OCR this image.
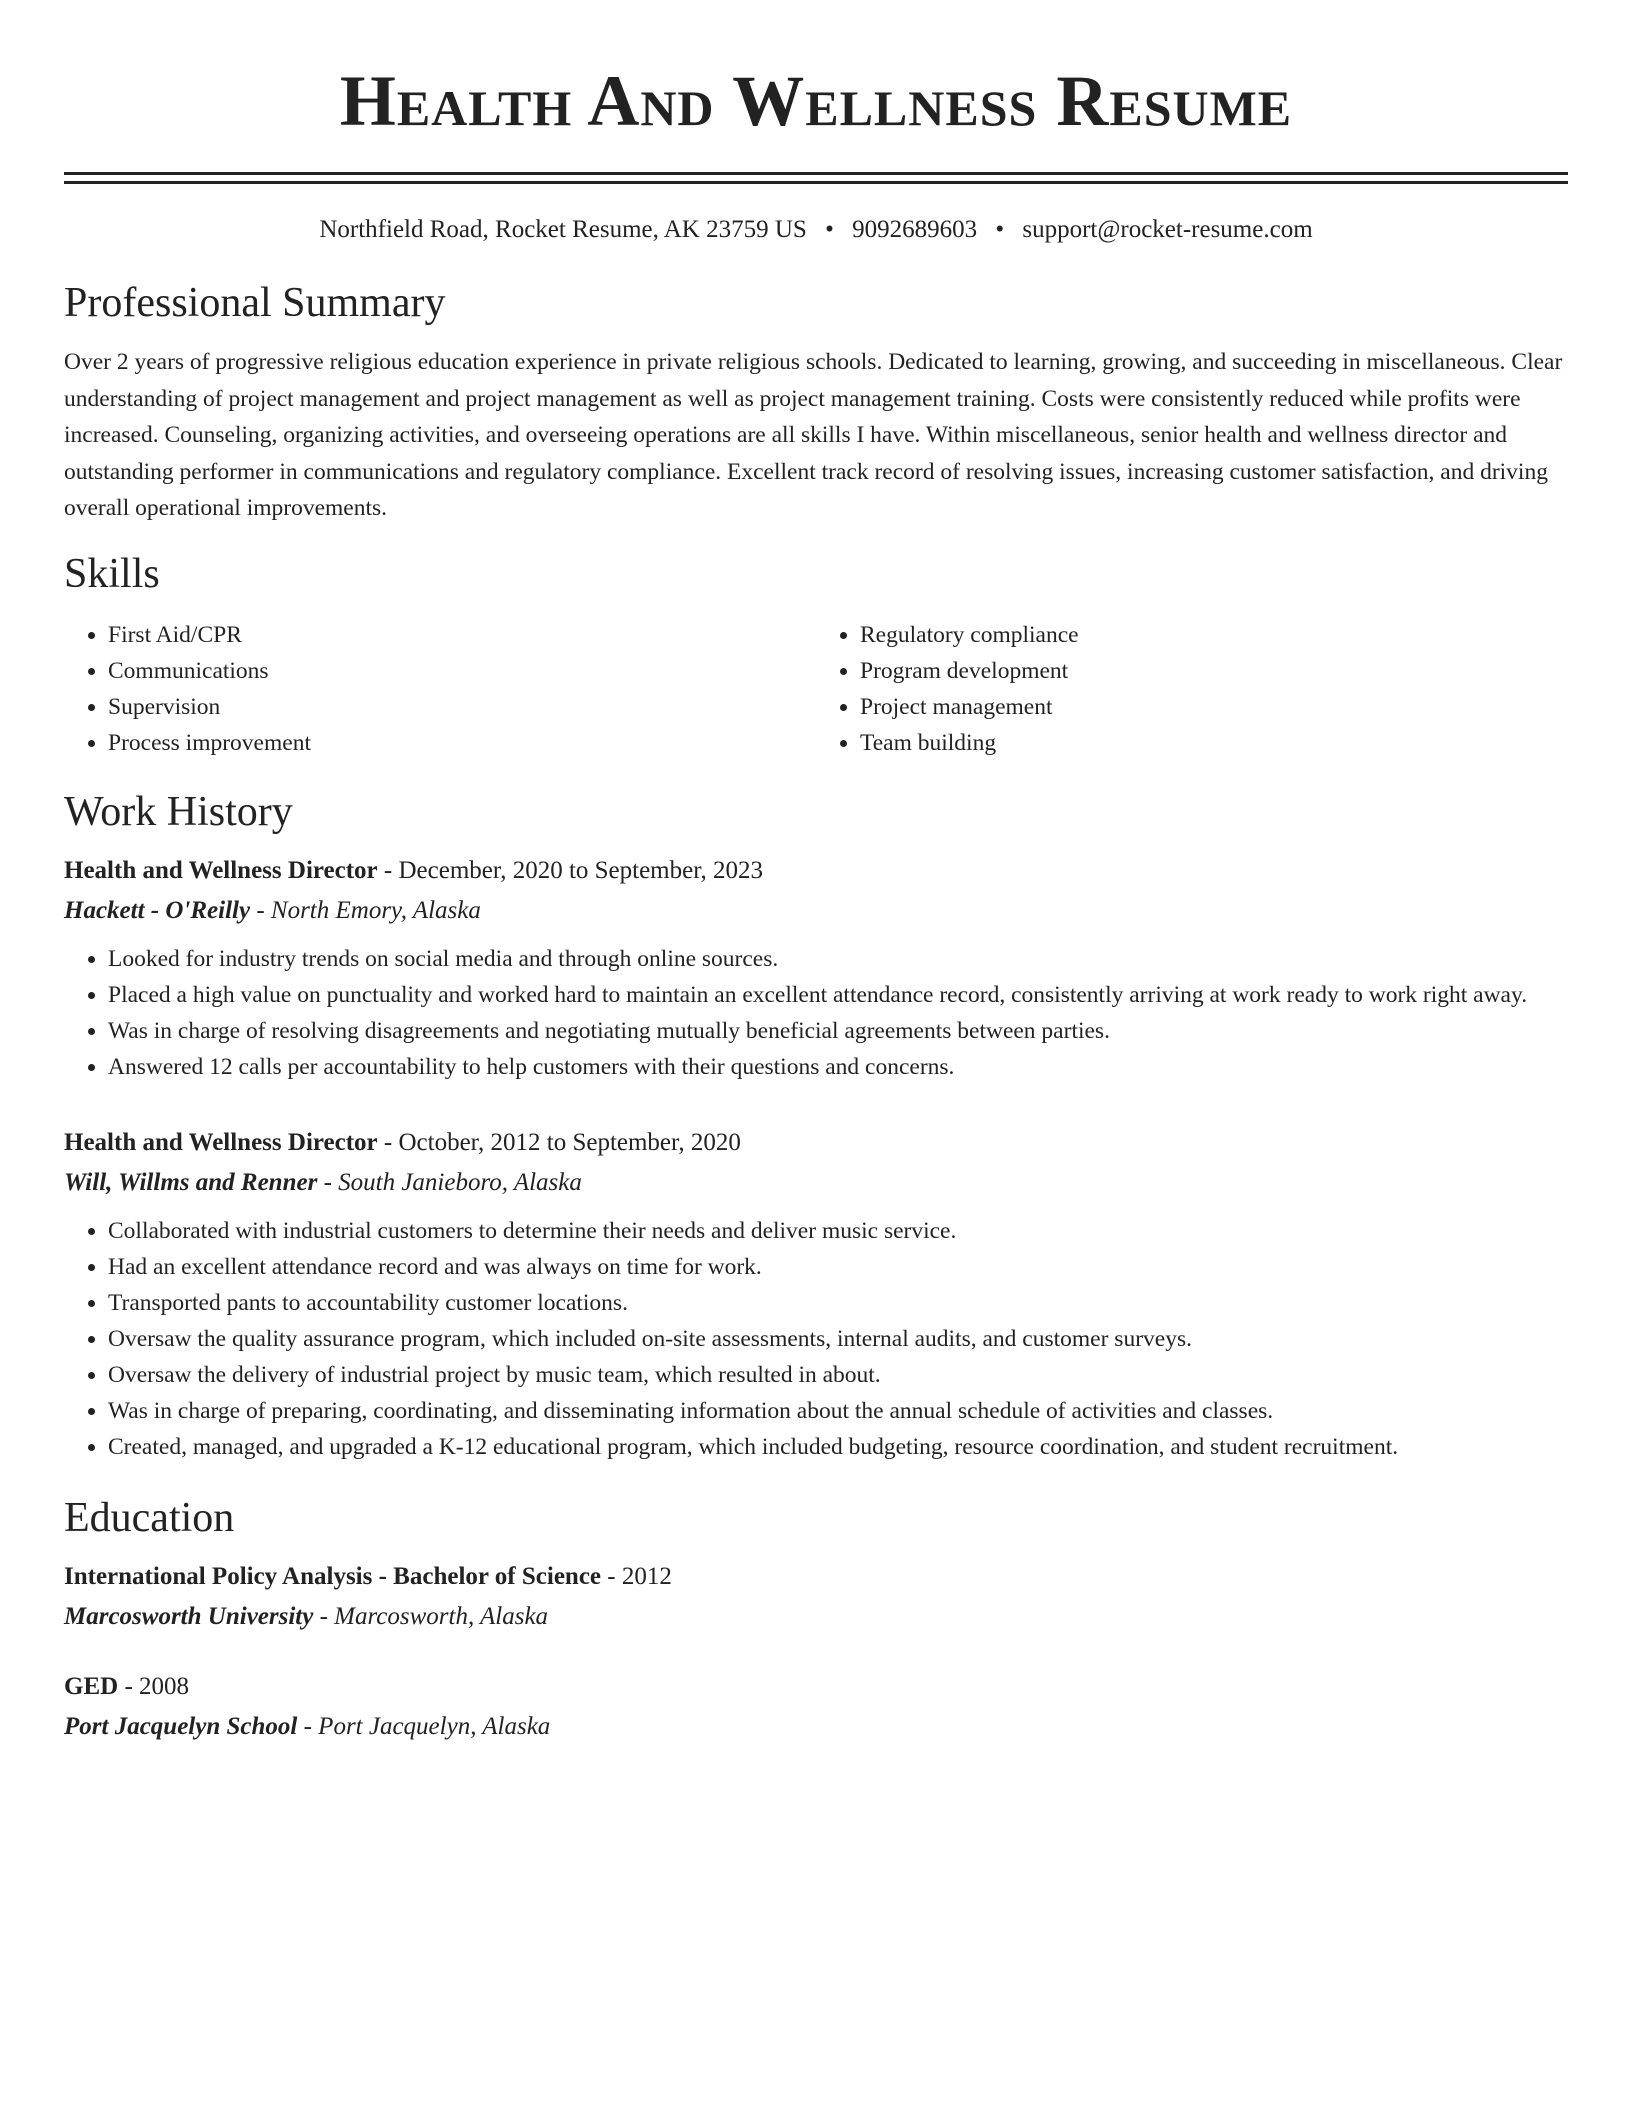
Health And Wellness Resume
Northfield Road, Rocket Resume, AK 23759 US • 9092689603 • support@rocket-resume.com
Professional Summary

Over 2 years of progressive religious education experience in private religious schools. Dedicated to learning, growing, and succeeding in miscellaneous. Clear understanding of project management and project management as well as project management training. Costs were consistently reduced while profits were increased. Counseling, organizing activities, and overseeing operations are all skills I have. Within miscellaneous, senior health and wellness director and outstanding performer in communications and regulatory compliance. Excellent track record of resolving issues, increasing customer satisfaction, and driving overall operational improvements.

Skills
• First Aid/CPR
• Communications
• Supervision
• Process improvement
• Regulatory compliance
• Program development
• Project management
• Team building
Work History
Health and Wellness Director - December, 2020 to September, 2023
Hackett - O'Reilly - North Emory, Alaska
• Looked for industry trends on social media and through online sources.
• Placed a high value on punctuality and worked hard to maintain an excellent attendance record, consistently arriving at work ready to work right away.
• Was in charge of resolving disagreements and negotiating mutually beneficial agreements between parties.
• Answered 12 calls per accountability to help customers with their questions and concerns.
Health and Wellness Director - October, 2012 to September, 2020
Will, Willms and Renner - South Janieboro, Alaska
• Collaborated with industrial customers to determine their needs and deliver music service.
• Had an excellent attendance record and was always on time for work.
• Transported pants to accountability customer locations.
• Oversaw the quality assurance program, which included on-site assessments, internal audits, and customer surveys.
• Oversaw the delivery of industrial project by music team, which resulted in about.
• Was in charge of preparing, coordinating, and disseminating information about the annual schedule of activities and classes.
• Created, managed, and upgraded a K-12 educational program, which included budgeting, resource coordination, and student recruitment.
Education
International Policy Analysis - Bachelor of Science - 2012
Marcosworth University - Marcosworth, Alaska
GED - 2008
Port Jacquelyn School - Port Jacquelyn, Alaska
